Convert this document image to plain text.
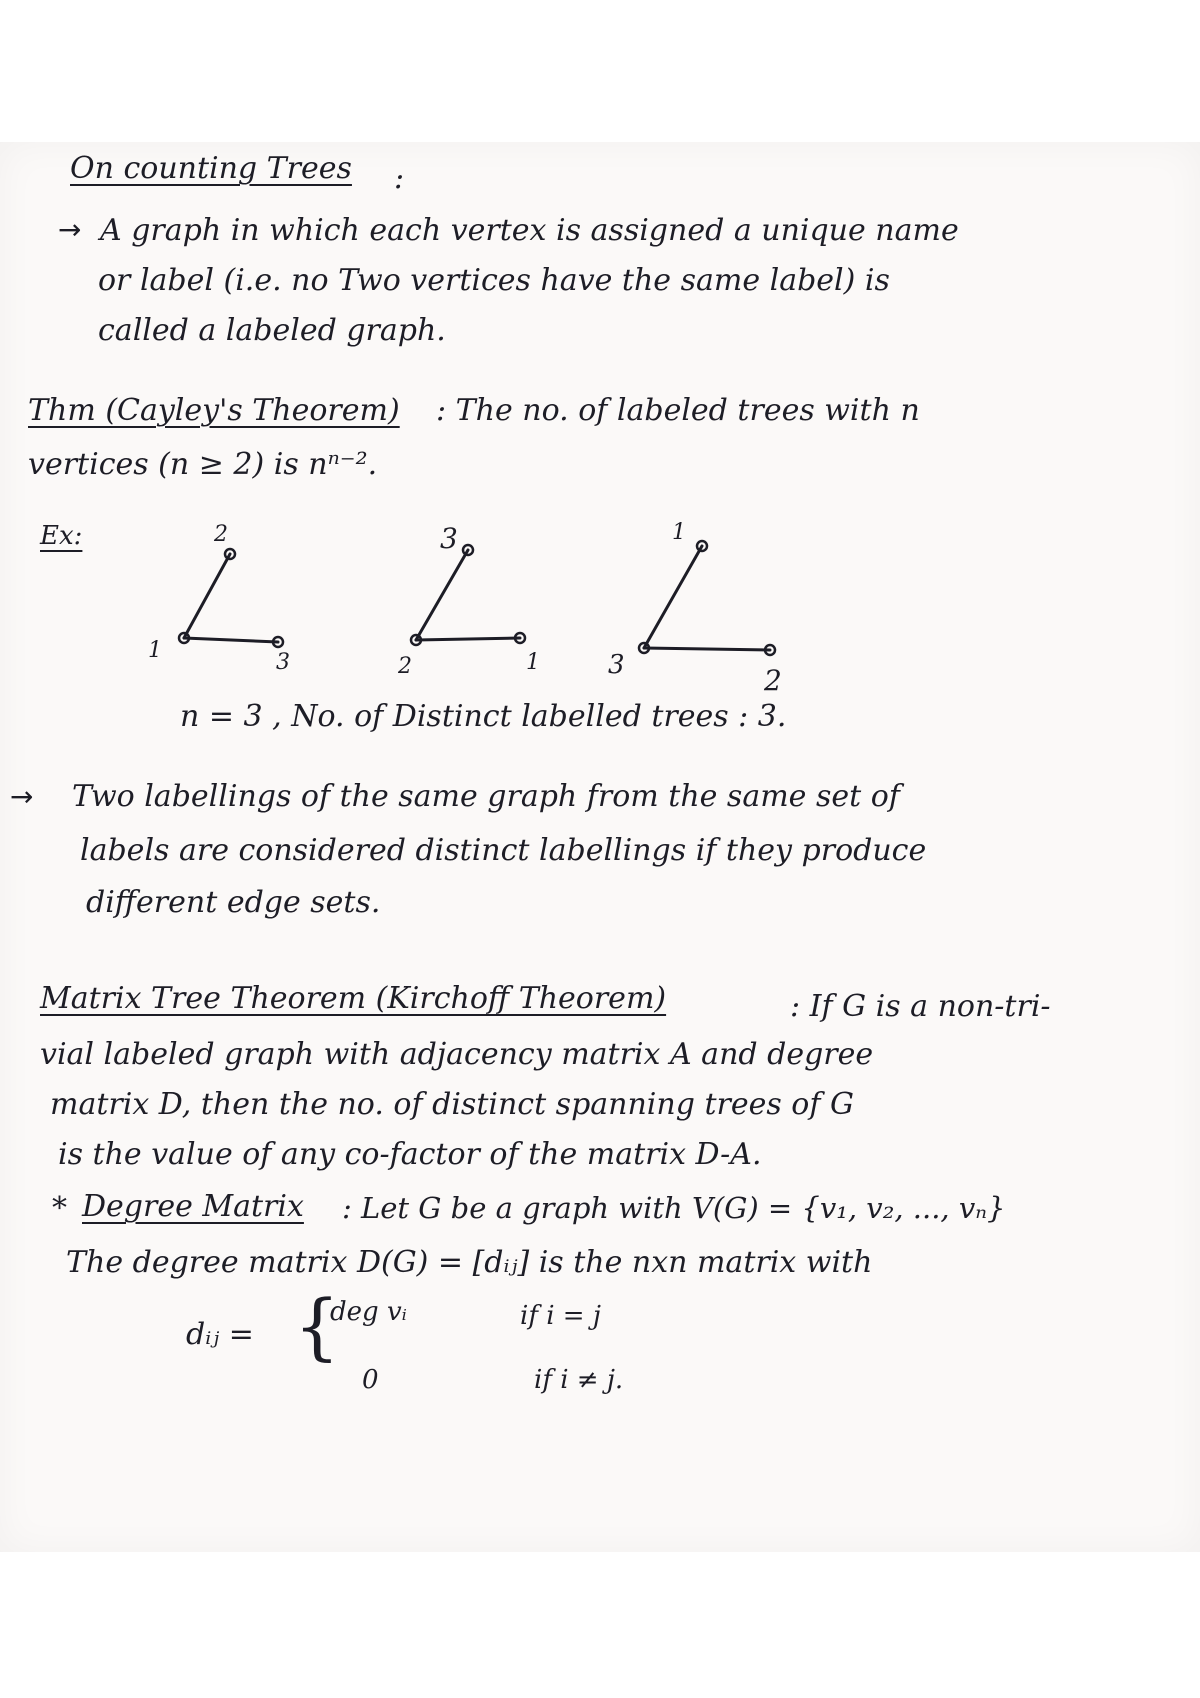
On counting Trees :
→ A graph in which each vertex is assigned a unique name
or label (i.e. no Two vertices have the same label) is
called a labeled graph.
Thm (Cayley's Theorem) : The no. of labeled trees with n
vertices (n ≥ 2) is nⁿ⁻².
Ex:	2
1	3
3
2	1
1
3	2
n = 3 , No. of Distinct labelled trees : 3.
→ Two labellings of the same graph from the same set of
labels are considered distinct labellings if they produce
different edge sets.
Matrix Tree Theorem (Kirchoff Theorem)	: If G is a non-tri-
vial labeled graph with adjacency matrix A and degree
matrix D, then the no. of distinct spanning trees of G
is the value of any co-factor of the matrix D-A.
* Degree Matrix : Let G be a graph with V(G) = {v₁, v₂, ..., vₙ}
The degree matrix D(G) = [dᵢⱼ] is the nxn matrix with
dᵢⱼ = {
deg vᵢ	if i = j
0	if i ≠ j.
